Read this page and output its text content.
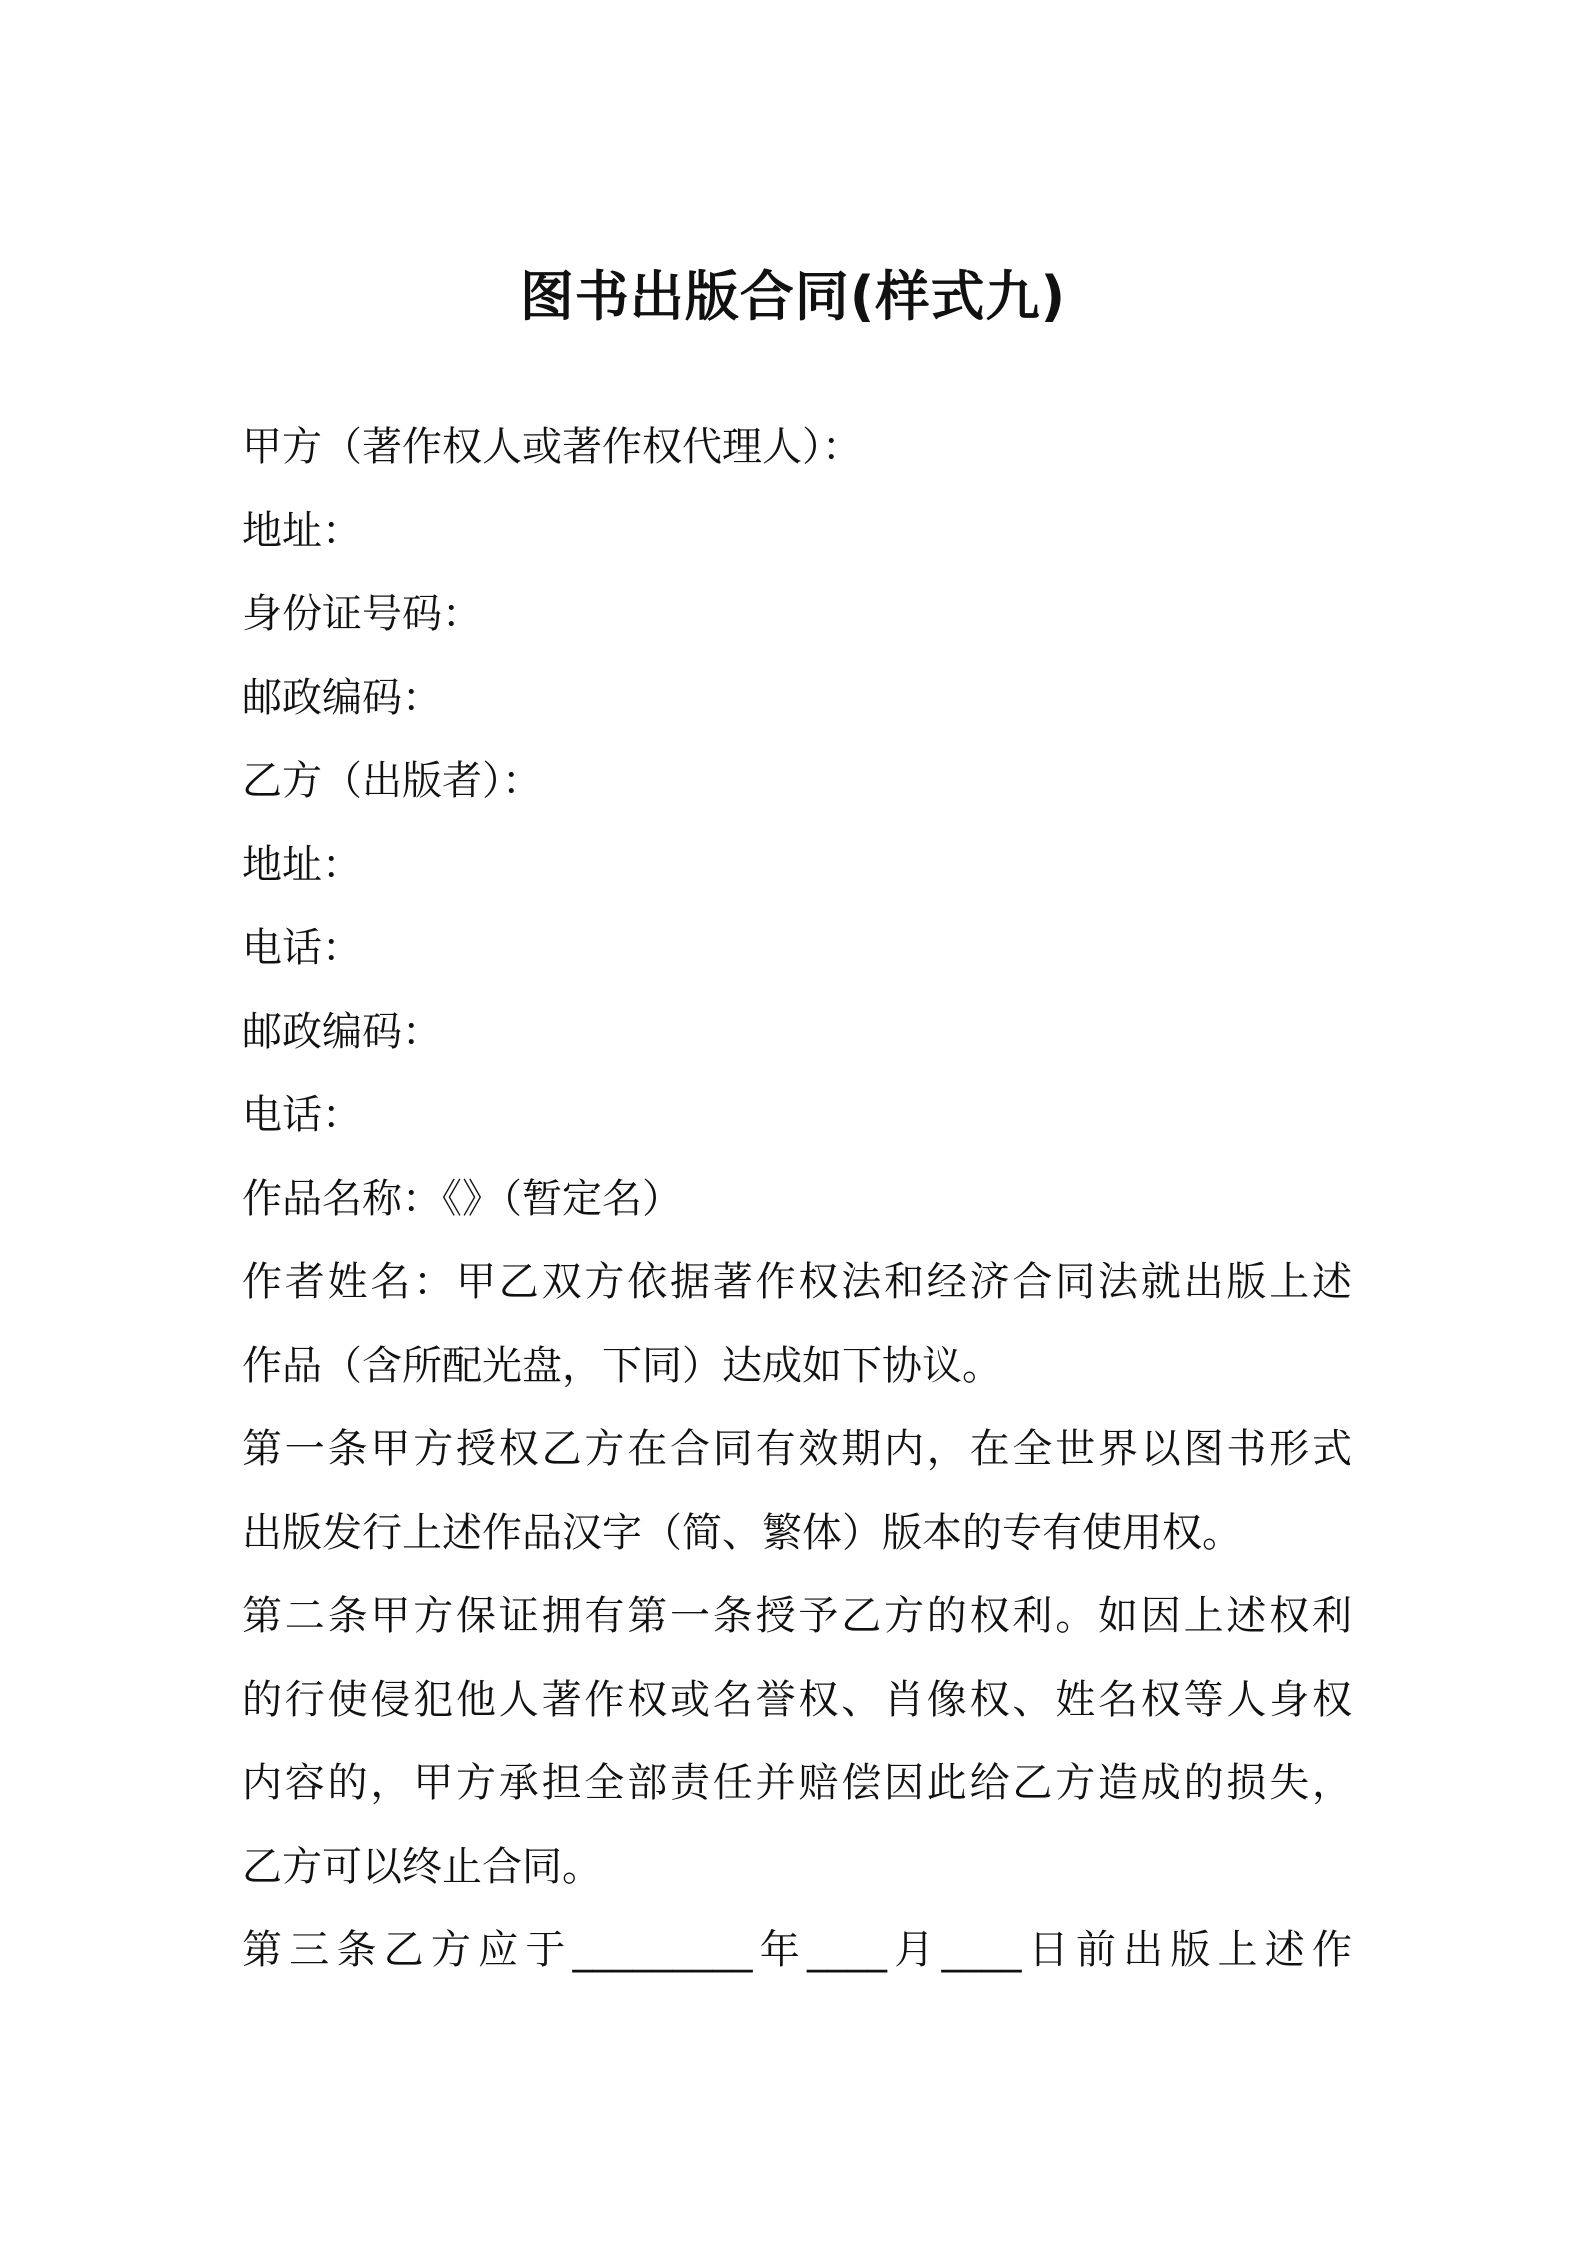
图书出版合同(样式九)

甲方（著作权人或著作权代理人）：

地址：

身份证号码：

邮政编码：

乙方（出版者）：

地址：

电话：

邮政编码：

电话：

作品名称：《》（暂定名）

作者姓名：甲乙双方依据著作权法和经济合同法就出版上述

作品（含所配光盘，下同）达成如下协议。

第一条甲方授权乙方在合同有效期内，在全世界以图书形式

出版发行上述作品汉字（简、繁体）版本的专有使用权。

第二条甲方保证拥有第一条授予乙方的权利。如因上述权利

的行使侵犯他人著作权或名誉权、肖像权、姓名权等人身权

内容的，甲方承担全部责任并赔偿因此给乙方造成的损失，

乙方可以终止合同。

第三条乙方应于_________年____月____日前出版上述作
